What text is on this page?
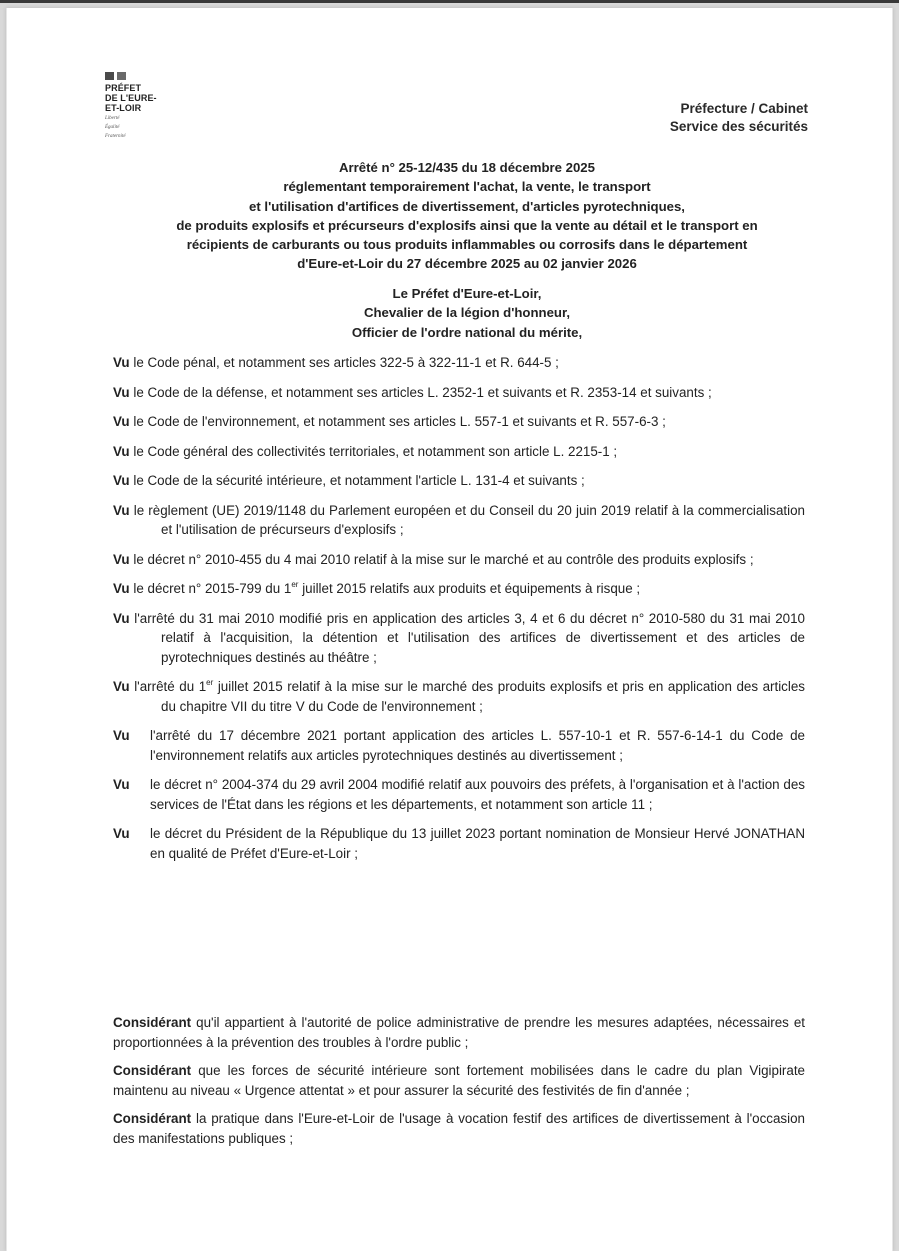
PRÉFET
DE L'EURE-
ET-LOIR
Liberté
Égalité
Fraternité
Préfecture / Cabinet
Service des sécurités
Arrêté n° 25-12/435 du 18 décembre 2025
réglementant temporairement l'achat, la vente, le transport
et l'utilisation d'artifices de divertissement, d'articles pyrotechniques,
de produits explosifs et précurseurs d'explosifs ainsi que la vente au détail et le transport en
récipients de carburants ou tous produits inflammables ou corrosifs dans le département
d'Eure-et-Loir du 27 décembre 2025 au 02 janvier 2026
Le Préfet d'Eure-et-Loir,
Chevalier de la légion d'honneur,
Officier de l'ordre national du mérite,

Vu le Code pénal, et notamment ses articles 322-5 à 322-11-1 et R. 644-5 ;

Vu le Code de la défense, et notamment ses articles L. 2352-1 et suivants et R. 2353-14 et suivants ;

Vu le Code de l'environnement, et notamment ses articles L. 557-1 et suivants et R. 557-6-3 ;

Vu le Code général des collectivités territoriales, et notamment son article L. 2215-1 ;

Vu le Code de la sécurité intérieure, et notamment l'article L. 131-4 et suivants ;

Vu le règlement (UE) 2019/1148 du Parlement européen et du Conseil du 20 juin 2019 relatif à la commercialisation et l'utilisation de précurseurs d'explosifs ;

Vu le décret n° 2010-455 du 4 mai 2010 relatif à la mise sur le marché et au contrôle des produits explosifs ;

Vu le décret n° 2015-799 du 1er juillet 2015 relatifs aux produits et équipements à risque ;

Vu l'arrêté du 31 mai 2010 modifié pris en application des articles 3, 4 et 6 du décret n° 2010-580 du 31 mai 2010 relatif à l'acquisition, la détention et l'utilisation des artifices de divertissement et des articles de pyrotechniques destinés au théâtre ;

Vu l'arrêté du 1er juillet 2015 relatif à la mise sur le marché des produits explosifs et pris en application des articles du chapitre VII du titre V du Code de l'environnement ;

Vu	l'arrêté du 17 décembre 2021 portant application des articles L. 557-10-1 et R. 557-6-14-1 du Code de l'environnement relatifs aux articles pyrotechniques destinés au divertissement ;
Vu	le décret n° 2004-374 du 29 avril 2004 modifié relatif aux pouvoirs des préfets, à l'organisation et à l'action des services de l'État dans les régions et les départements, et notamment son article 11 ;
Vu	le décret du Président de la République du 13 juillet 2023 portant nomination de Monsieur Hervé JONATHAN en qualité de Préfet d'Eure-et-Loir ;

Considérant qu'il appartient à l'autorité de police administrative de prendre les mesures adaptées, nécessaires et proportionnées à la prévention des troubles à l'ordre public ;

Considérant que les forces de sécurité intérieure sont fortement mobilisées dans le cadre du plan Vigipirate maintenu au niveau « Urgence attentat » et pour assurer la sécurité des festivités de fin d'année ;

Considérant la pratique dans l'Eure-et-Loir de l'usage à vocation festif des artifices de divertissement à l'occasion des manifestations publiques ;
